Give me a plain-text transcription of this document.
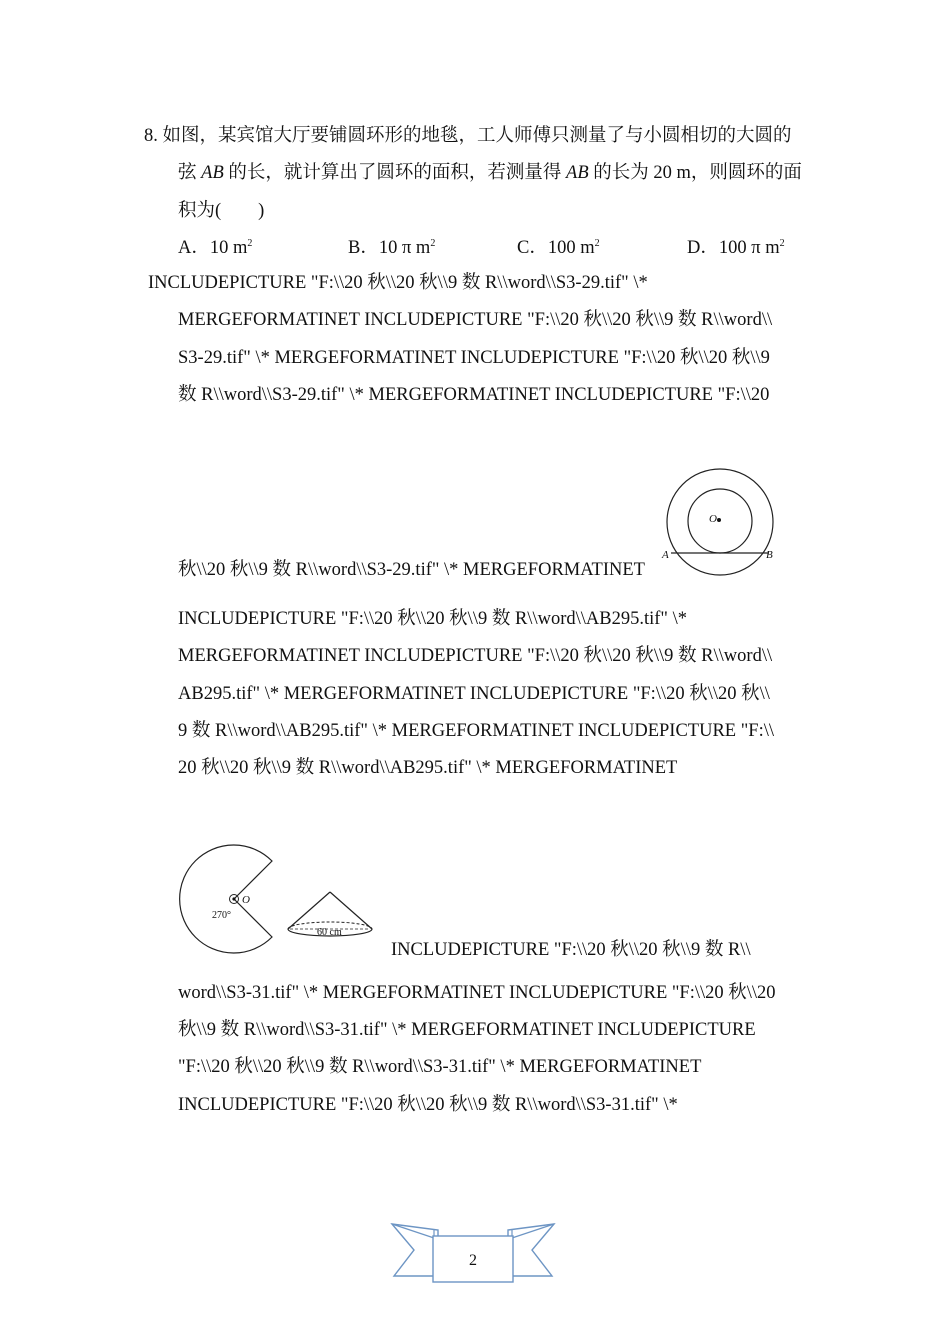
8. 如图，某宾馆大厅要铺圆环形的地毯，工人师傅只测量了与小圆相切的大圆的
弦 AB 的长，就计算出了圆环的面积，若测量得 AB 的长为 20 m，则圆环的面
积为(　　)
A．10 $m^2$	B．10 π $m^2$	C．100 $m^2$	D．100 π $m^2$
INCLUDEPICTURE "F:\\20 秋\\20 秋\\9 数 R\\word\\S3-29.tif" \*
MERGEFORMATINET INCLUDEPICTURE "F:\\20 秋\\20 秋\\9 数 R\\word\\
S3-29.tif" \* MERGEFORMATINET INCLUDEPICTURE "F:\\20 秋\\20 秋\\9
数 R\\word\\S3-29.tif" \* MERGEFORMATINET INCLUDEPICTURE "F:\\20
秋\\20 秋\\9 数 R\\word\\S3-29.tif" \* MERGEFORMATINET
O
A	B
INCLUDEPICTURE "F:\\20 秋\\20 秋\\9 数 R\\word\\AB295.tif" \*
MERGEFORMATINET INCLUDEPICTURE "F:\\20 秋\\20 秋\\9 数 R\\word\\
AB295.tif" \* MERGEFORMATINET INCLUDEPICTURE "F:\\20 秋\\20 秋\\
9 数 R\\word\\AB295.tif" \* MERGEFORMATINET INCLUDEPICTURE "F:\\
20 秋\\20 秋\\9 数 R\\word\\AB295.tif" \* MERGEFORMATINET
O
270°
60 cm
INCLUDEPICTURE "F:\\20 秋\\20 秋\\9 数 R\\
word\\S3-31.tif" \* MERGEFORMATINET INCLUDEPICTURE "F:\\20 秋\\20
秋\\9 数 R\\word\\S3-31.tif" \* MERGEFORMATINET INCLUDEPICTURE
"F:\\20 秋\\20 秋\\9 数 R\\word\\S3-31.tif" \* MERGEFORMATINET
INCLUDEPICTURE "F:\\20 秋\\20 秋\\9 数 R\\word\\S3-31.tif" \*
2
